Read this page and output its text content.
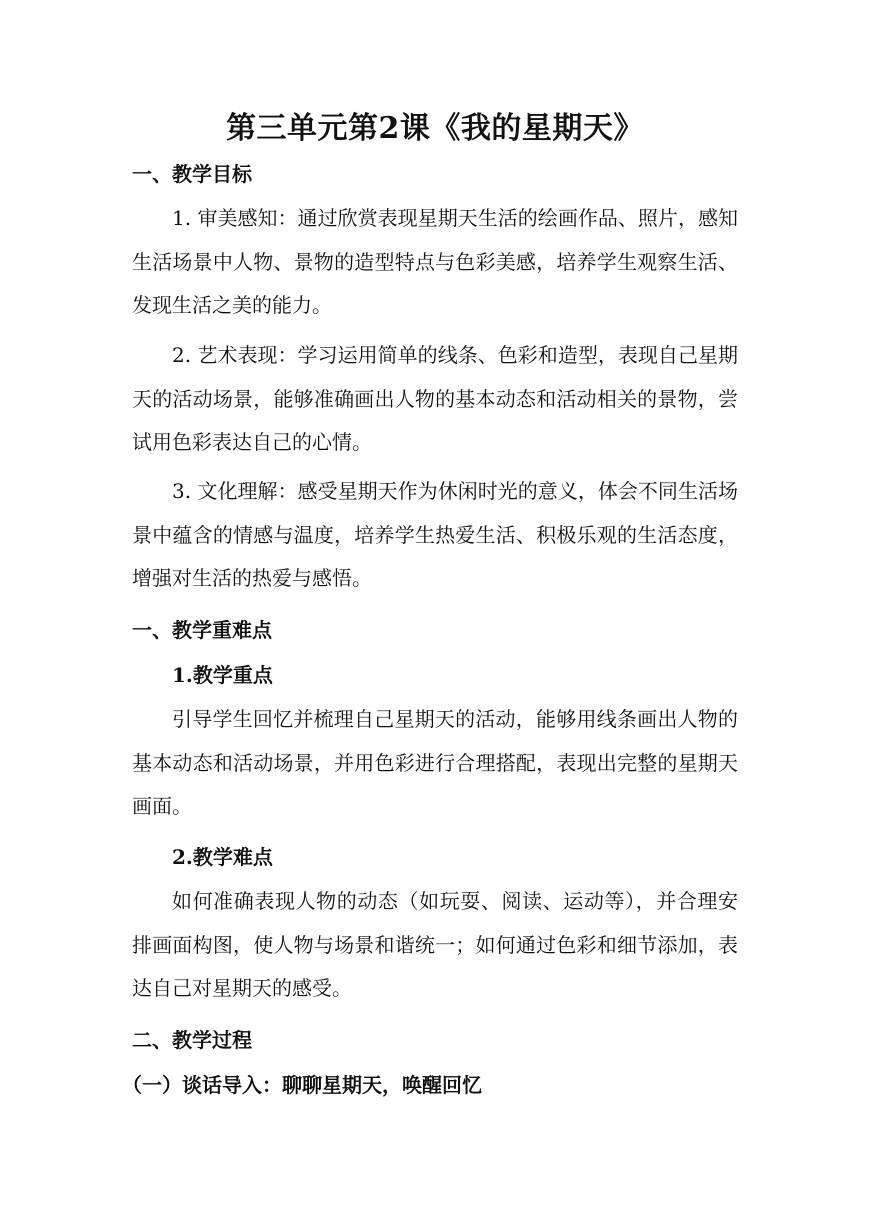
第三单元第2课《我的星期天》
一、教学目标
1. 审美感知：通过欣赏表现星期天生活的绘画作品、照片，感知生活场景中人物、景物的造型特点与色彩美感，培养学生观察生活、发现生活之美的能力。
2. 艺术表现：学习运用简单的线条、色彩和造型，表现自己星期天的活动场景，能够准确画出人物的基本动态和活动相关的景物，尝试用色彩表达自己的心情。
3. 文化理解：感受星期天作为休闲时光的意义，体会不同生活场景中蕴含的情感与温度，培养学生热爱生活、积极乐观的生活态度，增强对生活的热爱与感悟。
一、教学重难点
1.教学重点
引导学生回忆并梳理自己星期天的活动，能够用线条画出人物的基本动态和活动场景，并用色彩进行合理搭配，表现出完整的星期天画面。
2.教学难点
如何准确表现人物的动态（如玩耍、阅读、运动等），并合理安排画面构图，使人物与场景和谐统一；如何通过色彩和细节添加，表达自己对星期天的感受。
二、教学过程
（一）谈话导入：聊聊星期天，唤醒回忆
